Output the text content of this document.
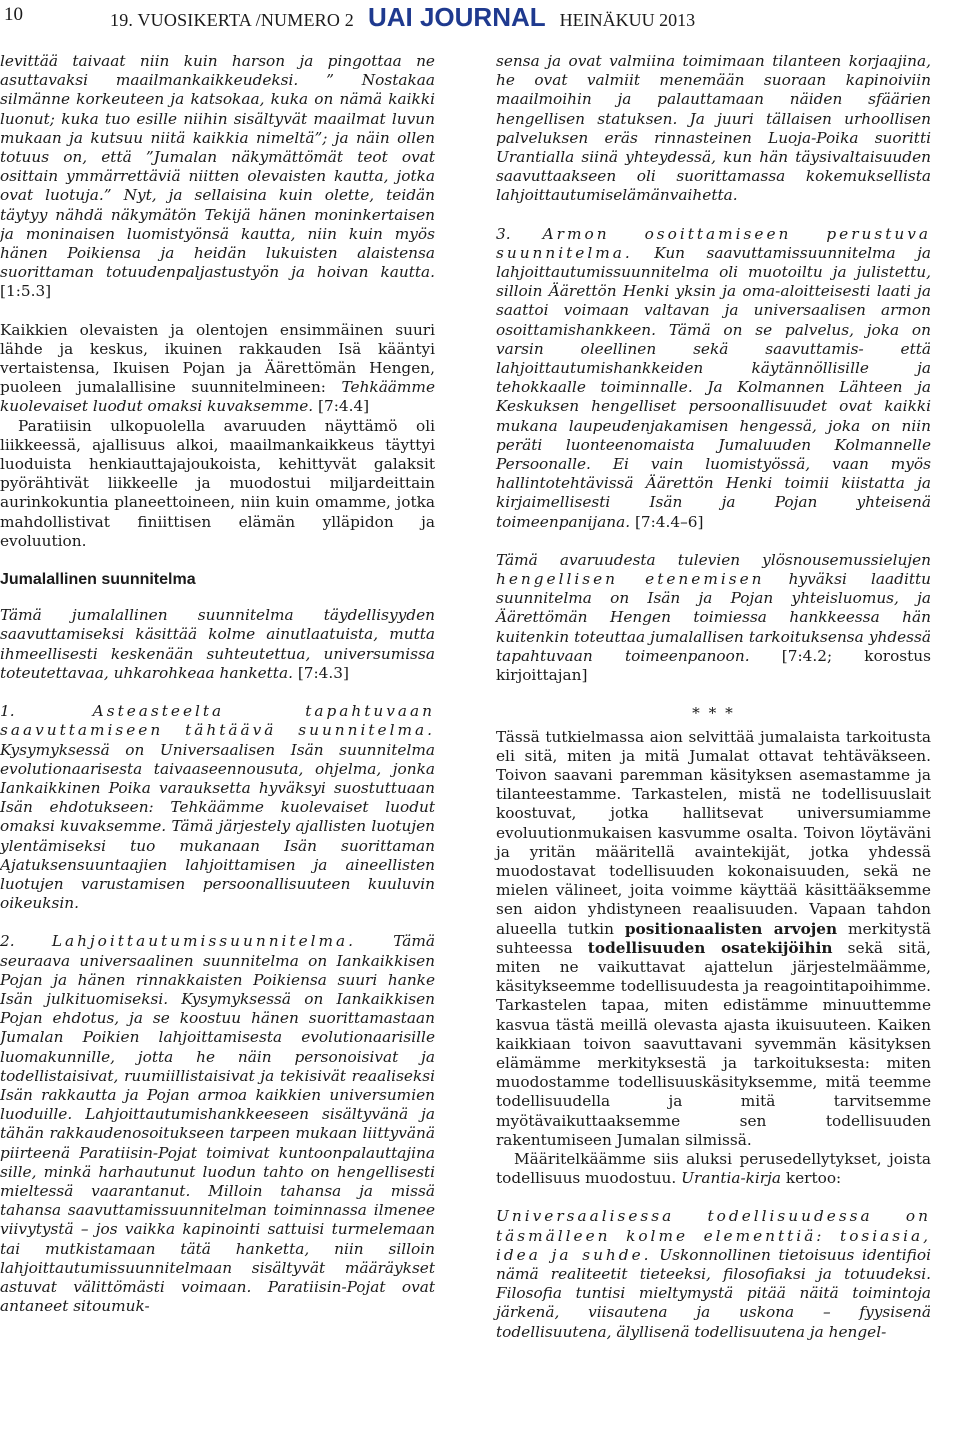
10	19. VUOSIKERTA /NUMERO 2 UAI JOURNAL HEINÄKUU 2013

levittää taivaat niin kuin harson ja pingottaa ne asuttavaksi maailmankaikkeudeksi. ” Nostakaa silmänne korkeuteen ja katsokaa, kuka on nämä kaikki luonut; kuka tuo esille niihin sisältyvät maailmat luvun mukaan ja kutsuu niitä kaikkia nimeltä”; ja näin ollen totuus on, että ”Jumalan näkymättömät teot ovat osittain ymmärrettäviä niitten olevaisten kautta, jotka ovat luotuja.” Nyt, ja sellaisina kuin olette, teidän täytyy nähdä näkymätön Tekijä hänen moninkertaisen ja moninaisen luomistyönsä kautta, niin kuin myös hänen Poikiensa ja heidän lukuisten alaistensa suorittaman totuudenpaljastustyön ja hoivan kautta. [1:5.3]

Kaikkien olevaisten ja olentojen ensimmäinen suuri lähde ja keskus, ikuinen rakkauden Isä kääntyi vertaistensa, Ikuisen Pojan ja Äärettömän Hengen, puoleen jumalallisine suunnitelmineen: Tehkäämme kuolevaiset luodut omaksi kuvaksemme. [7:4.4]

Paratiisin ulkopuolella avaruuden näyttämö oli liikkeessä, ajallisuus alkoi, maailmankaikkeus täyttyi luoduista henkiauttajajoukoista, kehittyvät galaksit pyörähtivät liikkeelle ja muodostui miljardeittain aurinkokuntia planeettoineen, niin kuin omamme, jotka mahdollistivat finiittisen elämän ylläpidon ja evoluution.

Jumalallinen suunnitelma

Tämä jumalallinen suunnitelma täydellisyyden saavuttamiseksi käsittää kolme ainutlaatuista, mutta ihmeellisesti keskenään suhteutettua, universumissa toteutettavaa, uhkarohkeaa hanketta. [7:4.3]

1. Asteasteelta tapahtuvaan saavuttamiseen tähtäävä suunnitelma. Kysymyksessä on Universaalisen Isän suunnitelma evolutionaarisesta taivaaseennousuta, ohjelma, jonka Iankaikkinen Poika varauksetta hyväksyi suostuttuaan Isän ehdotukseen: Tehkäämme kuolevaiset luodut omaksi kuvaksemme. Tämä järjestely ajallisten luotujen ylentämiseksi tuo mukanaan Isän suorittaman Ajatuksensuuntaajien lahjoittamisen ja aineellisten luotujen varustamisen persoonallisuuteen kuuluvin oikeuksin.

2. Lahjoittautumissuunnitelma. Tämä seuraava universaalinen suunnitelma on Iankaikkisen Pojan ja hänen rinnakkaisten Poikiensa suuri hanke Isän julkituomiseksi. Kysymyksessä on Iankaikkisen Pojan ehdotus, ja se koostuu hänen suorittamastaan Jumalan Poikien lahjoittamisesta evolutionaarisille luomakunnille, jotta he näin personoisivat ja todellistaisivat, ruumiillistaisivat ja tekisivät reaaliseksi Isän rakkautta ja Pojan armoa kaikkien universumien luoduille. Lahjoittautumishankkeeseen sisältyvänä ja tähän rakkaudenosoitukseen tarpeen mukaan liittyvänä piirteenä Paratiisin-Pojat toimivat kuntoonpalauttajina sille, minkä harhautunut luodun tahto on hengellisesti mieltessä vaarantanut. Milloin tahansa ja missä tahansa saavuttamissuunnitelman toiminnassa ilmenee viivytystä – jos vaikka kapinointi sattuisi turmelemaan tai mutkistamaan tätä hanketta, niin silloin lahjoittautumissuunnitelmaan sisältyvät määräykset astuvat välittömästi voimaan. Paratiisin-Pojat ovat antaneet sitoumuk-

sensa ja ovat valmiina toimimaan tilanteen korjaajina, he ovat valmiit menemään suoraan kapinoiviin maailmoihin ja palauttamaan näiden sfäärien hengellisen statuksen. Ja juuri tällaisen urhoollisen palveluksen eräs rinnasteinen Luoja-Poika suoritti Urantialla siinä yhteydessä, kun hän täysivaltaisuuden saavuttaakseen oli suorittamassa kokemuksellista lahjoittautumiselämänvaihetta.

3. Armon osoittamiseen perustuva suunnitelma. Kun saavuttamissuunnitelma ja lahjoittautumissuunnitelma oli muotoiltu ja julistettu, silloin Äärettön Henki yksin ja oma-aloitteisesti laati ja saattoi voimaan valtavan ja universaalisen armon osoittamishankkeen. Tämä on se palvelus, joka on varsin oleellinen sekä saavuttamis- että lahjoittautumishankkeiden käytännöllisille ja tehokkaalle toiminnalle. Ja Kolmannen Lähteen ja Keskuksen hengelliset persoonallisuudet ovat kaikki mukana laupeudenjakamisen hengessä, joka on niin peräti luonteenomaista Jumaluuden Kolmannelle Persoonalle. Ei vain luomistyössä, vaan myös hallintotehtävissä Äärettön Henki toimii kiistatta ja kirjaimellisesti Isän ja Pojan yhteisenä toimeenpanijana. [7:4.4–6]

Tämä avaruudesta tulevien ylösnousemussielujen hengellisen etenemisen hyväksi laadittu suunnitelma on Isän ja Pojan yhteisluomus, ja Äärettömän Hengen toimiessa hankkeessa hän kuitenkin toteuttaa jumalallisen tarkoituksensa yhdessä tapahtuvaan toimeenpanoon. [7:4.2; korostus kirjoittajan]

* * *

Tässä tutkielmassa aion selvittää jumalaista tarkoitusta eli sitä, miten ja mitä Jumalat ottavat tehtäväkseen. Toivon saavani paremman käsityksen asemastamme ja tilanteestamme. Tarkastelen, mistä ne todellisuuslait koostuvat, jotka hallitsevat universumiamme evoluutionmukaisen kasvumme osalta. Toivon löytäväni ja yritän määritellä avaintekijät, jotka yhdessä muodostavat todellisuuden kokonaisuuden, sekä ne mielen välineet, joita voimme käyttää käsittääksemme sen aidon yhdistyneen reaalisuuden. Vapaan tahdon alueella tutkin positionaalisten arvojen merkitystä suhteessa todellisuuden osatekijöihin sekä sitä, miten ne vaikuttavat ajattelun järjestelmäämme, käsitykseemme todellisuudesta ja reagointitapoihimme. Tarkastelen tapaa, miten edistämme minuuttemme kasvua tästä meillä olevasta ajasta ikuisuuteen. Kaiken kaikkiaan toivon saavuttavani syvemmän käsityksen elämämme merkityksestä ja tarkoituksesta: miten muodostamme todellisuuskäsityksemme, mitä teemme todellisuudella ja mitä tarvitsemme myötävaikuttaaksemme sen todellisuuden rakentumiseen Jumalan silmissä.

Määritelkäämme siis aluksi perusedellytykset, joista todellisuus muodostuu. Urantia-kirja kertoo:

Universaalisessa todellisuudessa on täsmälleen kolme elementtiä: tosiasia, idea ja suhde. Uskonnollinen tietoisuus identifioi nämä realiteetit tieteeksi, filosofiaksi ja totuudeksi. Filosofia tuntisi mieltymystä pitää näitä toimintoja järkenä, viisautena ja uskona – fyysisenä todellisuutena, älyllisenä todellisuutena ja hengel-
